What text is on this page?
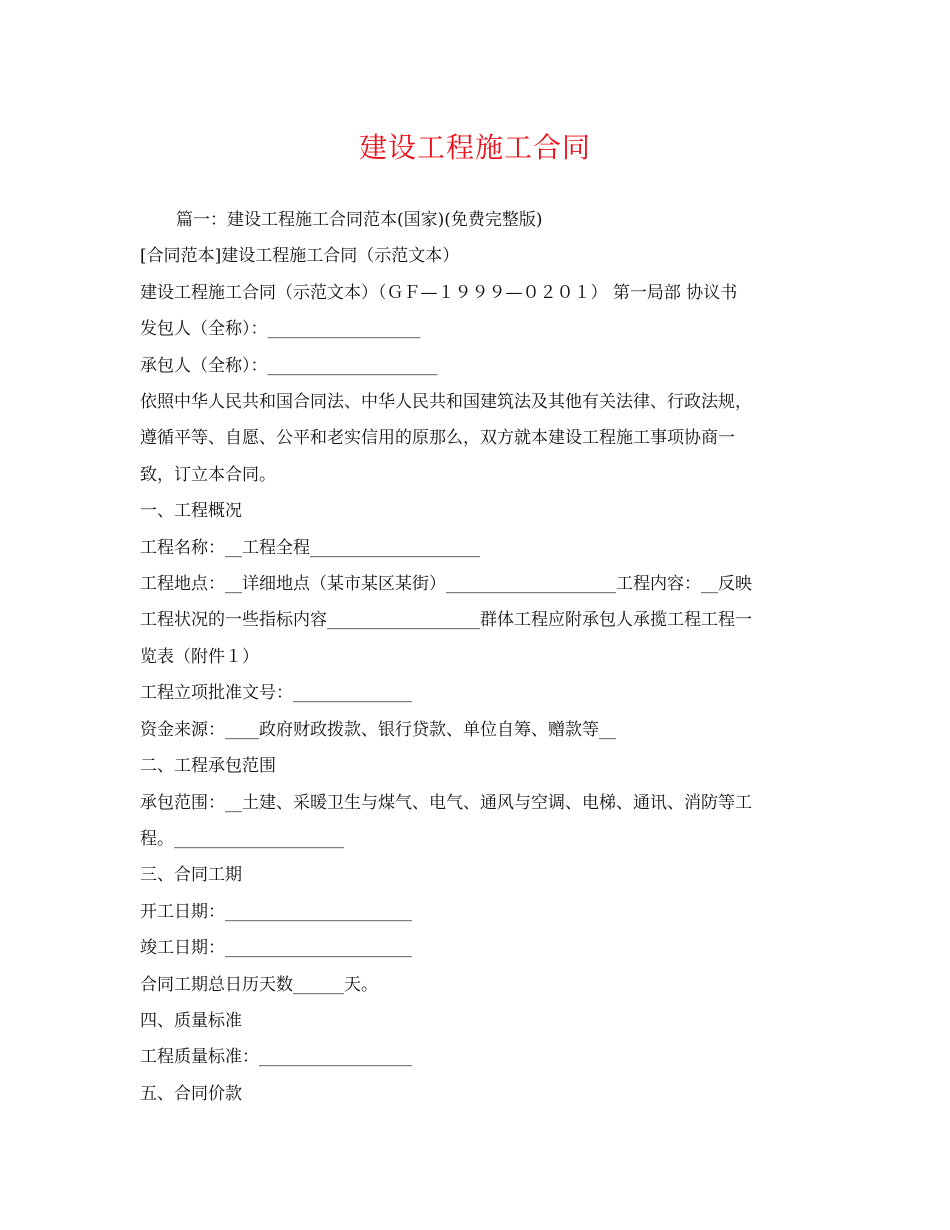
建设工程施工合同

篇一：建设工程施工合同范本(国家)(免费完整版)

[合同范本]建设工程施工合同（示范文本）

建设工程施工合同（示范文本）（ＧＦ—１９９９—０２０１） 第一局部 协议书

发包人（全称）：__________________

承包人（全称）：____________________

依照中华人民共和国合同法、中华人民共和国建筑法及其他有关法律、行政法规，

遵循平等、自愿、公平和老实信用的原那么，双方就本建设工程施工事项协商一

致，订立本合同。

一、工程概况

工程名称：__工程全程____________________

工程地点：__详细地点（某市某区某街）____________________工程内容：__反映

工程状况的一些指标内容__________________群体工程应附承包人承揽工程工程一

览表（附件１）

工程立项批准文号：______________

资金来源：____政府财政拨款、银行贷款、单位自筹、赠款等__

二、工程承包范围

承包范围：__土建、采暖卫生与煤气、电气、通风与空调、电梯、通讯、消防等工

程。____________________

三、合同工期

开工日期：______________________

竣工日期：______________________

合同工期总日历天数______天。

四、质量标准

工程质量标准：__________________

五、合同价款
